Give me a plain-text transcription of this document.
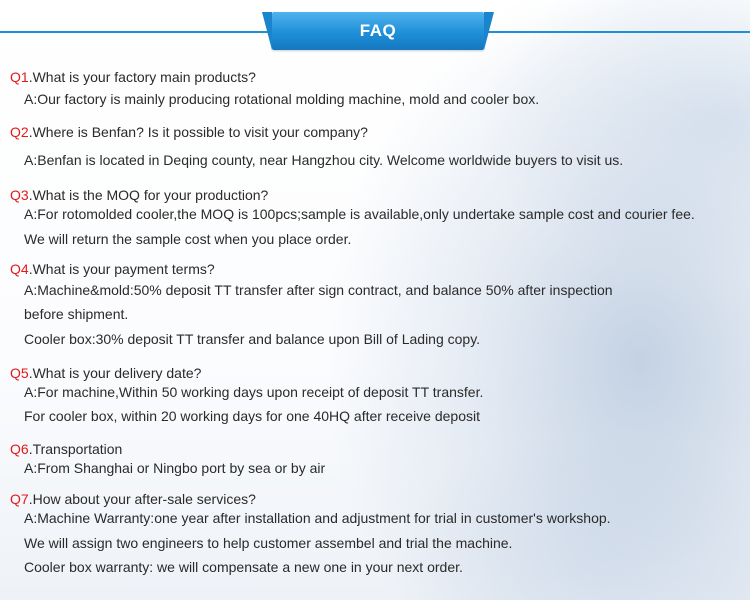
FAQ
Q1.What is your factory main products?
A:Our factory is mainly producing rotational molding machine, mold and cooler box.
Q2.Where is Benfan? Is it possible to visit your company?
A:Benfan is located in Deqing county, near Hangzhou city. Welcome worldwide buyers to visit us.
Q3.What is the MOQ for your production?
A:For rotomolded cooler,the MOQ is 100pcs;sample is available,only undertake sample cost and courier fee.
We will return the sample cost when you place order.
Q4.What is your payment terms?
A:Machine&mold:50% deposit TT transfer after sign contract, and balance 50% after inspection
before shipment.
Cooler box:30% deposit TT transfer and balance upon Bill of Lading copy.
Q5.What is your delivery date?
A:For machine,Within 50 working days upon receipt of deposit TT transfer.
For cooler box, within 20 working days for one 40HQ after receive deposit
Q6.Transportation
A:From Shanghai or Ningbo port by sea or by air
Q7.How about your after-sale services?
A:Machine Warranty:one year after installation and adjustment for trial in customer's workshop.
We will assign two engineers to help customer assembel and trial the machine.
Cooler box warranty: we will compensate a new one in your next order.
